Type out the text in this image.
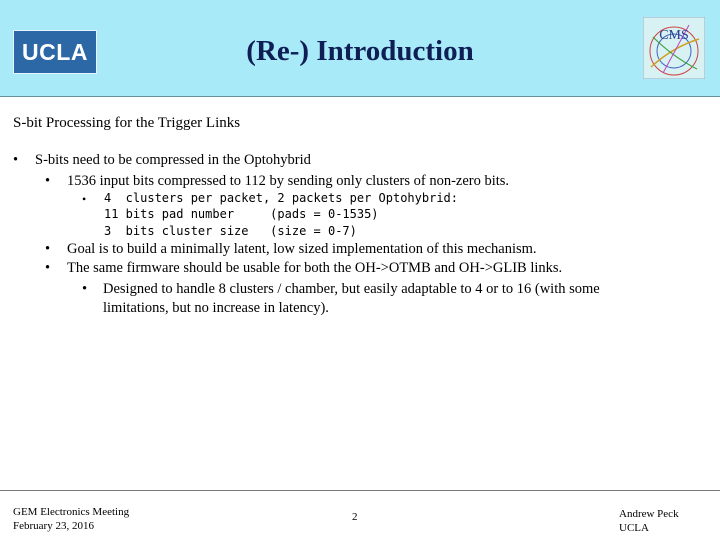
UCLA	(Re-) Introduction	CMS
S-bit Processing for the Trigger Links
• S-bits need to be compressed in the Optohybrid
• 1536 input bits compressed to 112 by sending only clusters of non-zero bits.
• 4  clusters per packet, 2 packets per Optohybrid:
11 bits pad number     (pads = 0-1535)
3  bits cluster size   (size = 0-7)
• Goal is to build a minimally latent, low sized implementation of this mechanism.
• The same firmware should be usable for both the OH->OTMB and OH->GLIB links.
• Designed to handle 8 clusters / chamber, but easily adaptable to 4 or to 16 (with some
limitations, but no increase in latency).
GEM Electronics Meeting
February 23, 2016
2	Andrew Peck
UCLA
